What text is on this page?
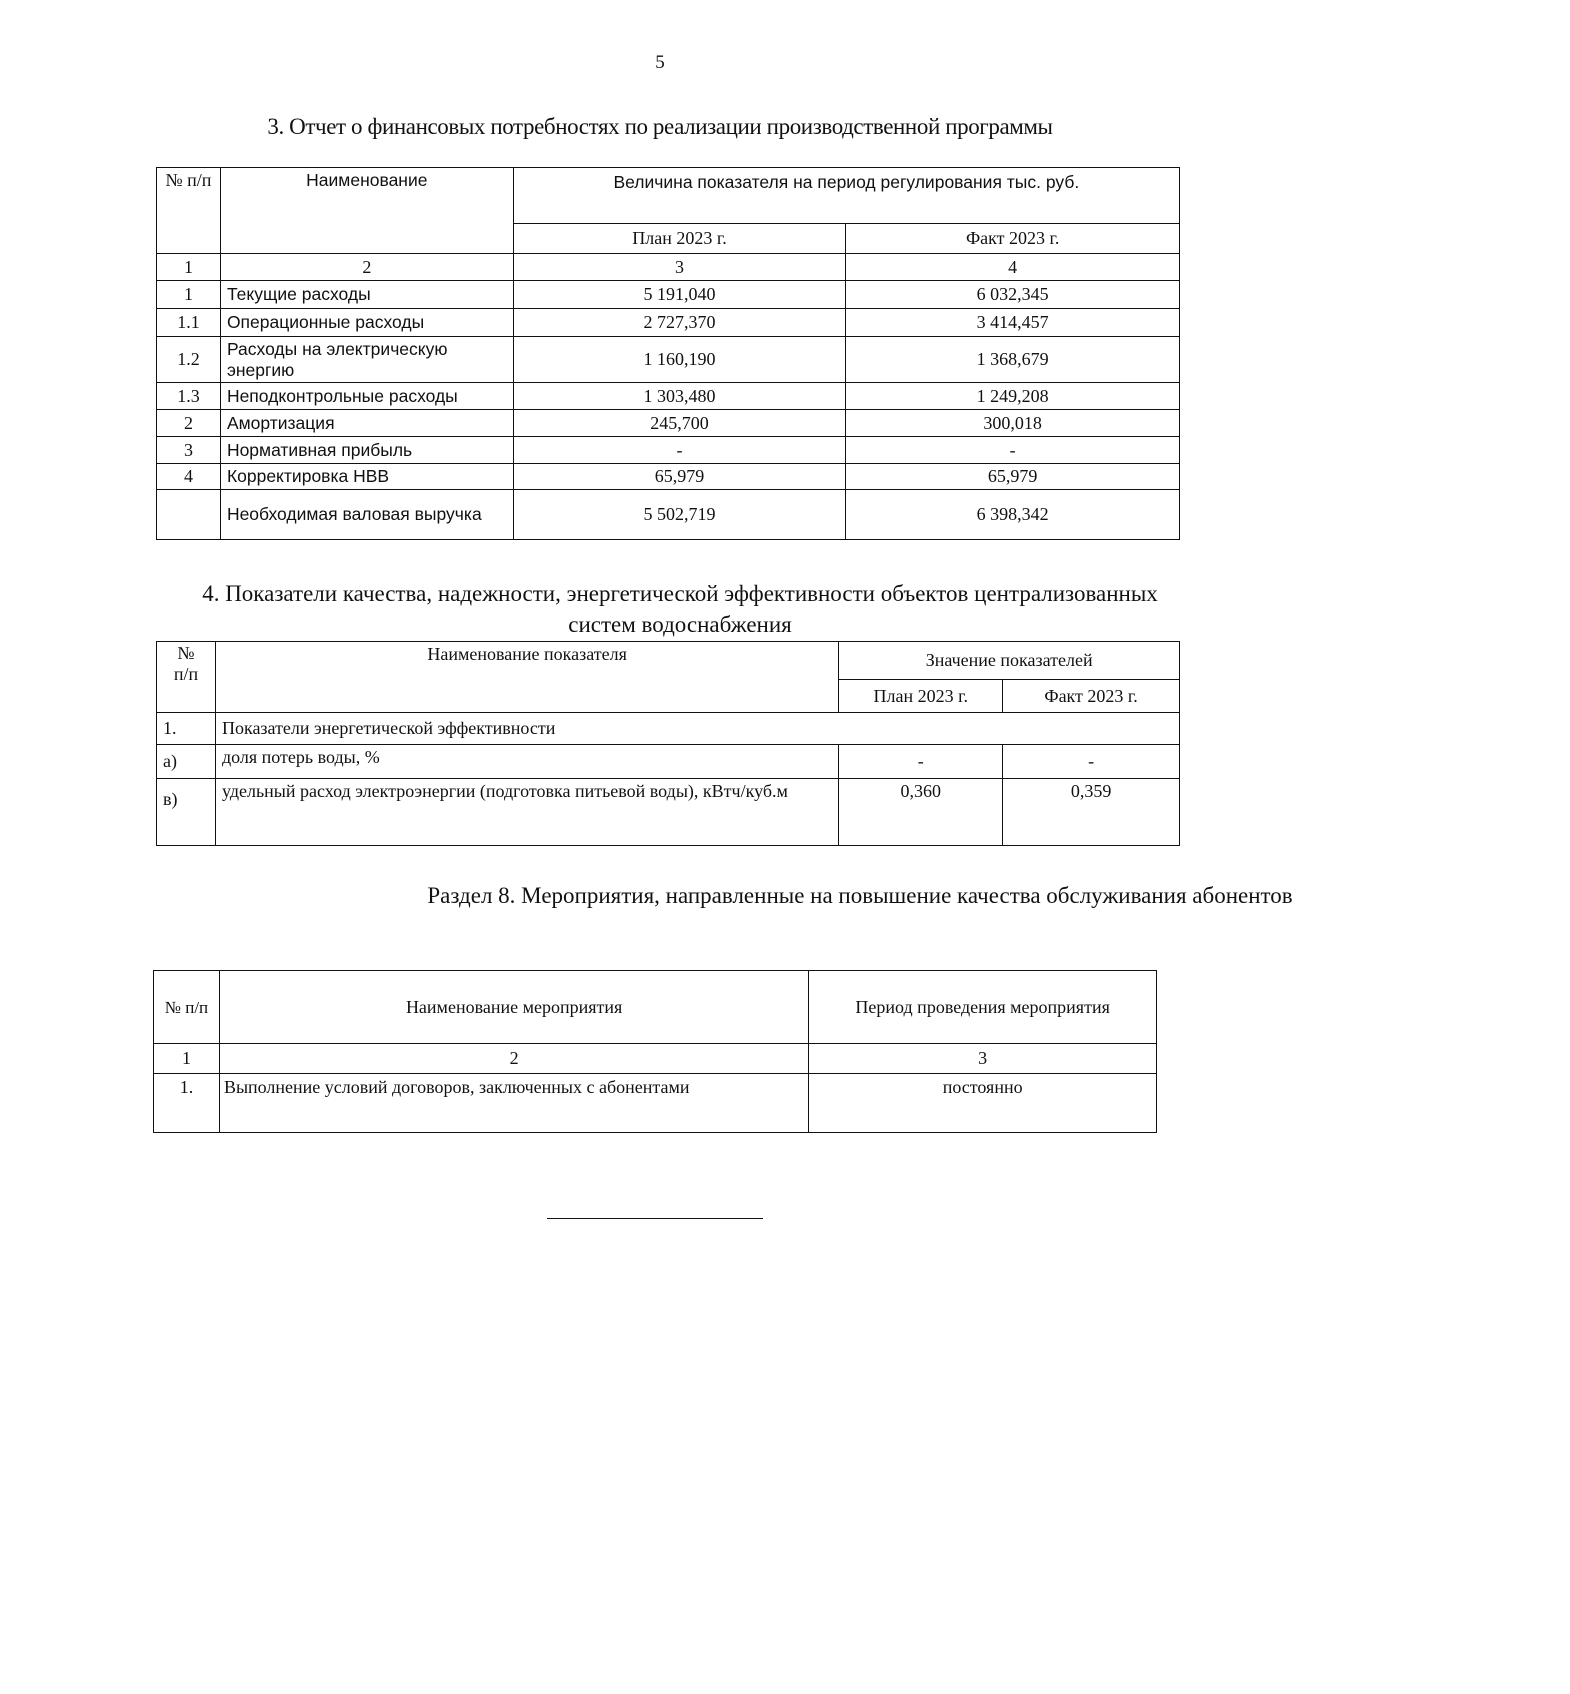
5
3. Отчет о финансовых потребностях по реализации производственной программы
№ п/п	Наименование	Величина показателя на период регулирования тыс. руб.	
		План 2023 г.	Факт 2023 г.
1	2	3	4
1	Текущие расходы	5 191,040	6 032,345
1.1	Операционные расходы	2 727,370	3 414,457
1.2	Расходы на электрическую энергию	1 160,190	1 368,679
1.3	Неподконтрольные расходы	1 303,480	1 249,208
2	Амортизация	245,700	300,018
3	Нормативная прибыль	-	-
4	Корректировка НВВ	65,979	65,979
	Необходимая валовая выручка	5 502,719	6 398,342
4. Показатели качества, надежности, энергетической эффективности объектов централизованных систем водоснабжения
№ п/п	Наименование показателя	Значение показателей	
		План 2023 г.	Факт 2023 г.
1.	Показатели энергетической эффективности		
а)	доля потерь воды, %	-	-
в)	удельный расход электроэнергии (подготовка питьевой воды), кВтч/куб.м	0,360	0,359
Раздел 8. Мероприятия, направленные на повышение качества обслуживания абонентов
№ п/п	Наименование мероприятия	Период проведения мероприятия
1	2	3
1.	Выполнение условий договоров, заключенных с абонентами	постоянно
